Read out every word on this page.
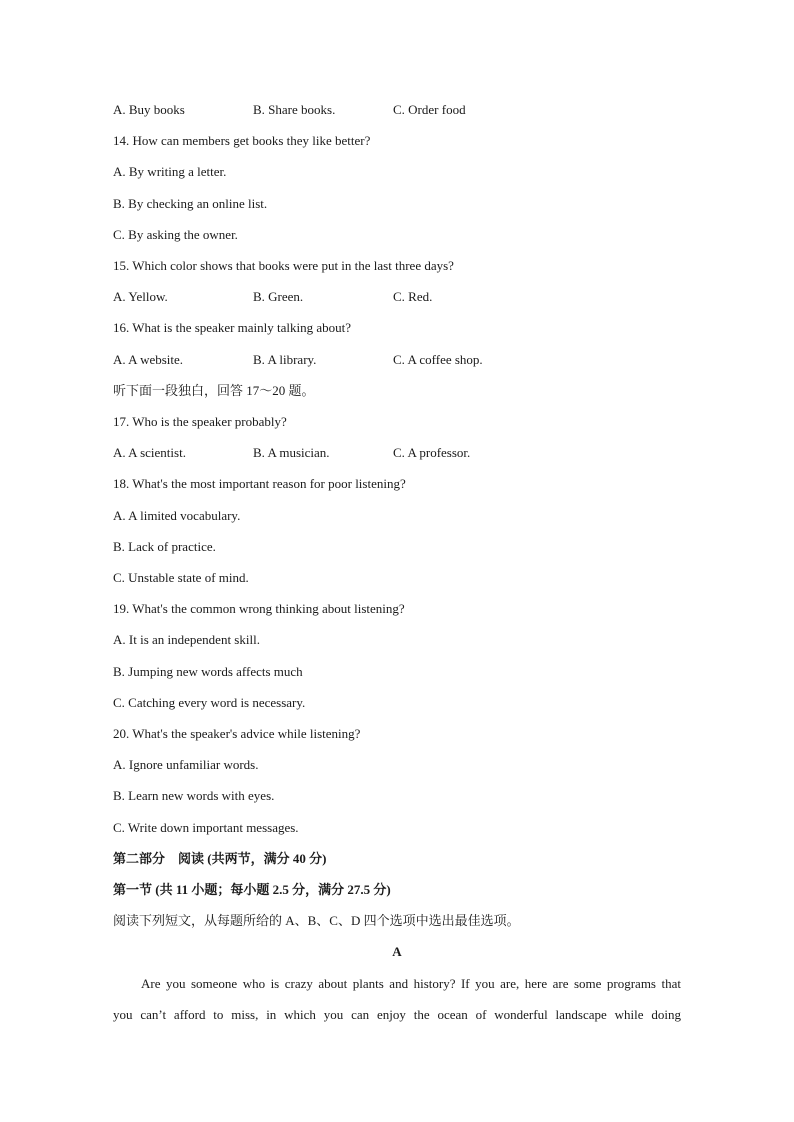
A. Buy books	B. Share books.	C. Order food
14. How can members get books they like better?
A. By writing a letter.
B. By checking an online list.
C. By asking the owner.
15. Which color shows that books were put in the last three days?
A. Yellow.	B. Green.	C. Red.
16. What is the speaker mainly talking about?
A. A website.	B. A library.	C. A coffee shop.
听下面一段独白，回答 17～20 题。
17. Who is the speaker probably?
A. A scientist.	B. A musician.	C. A professor.
18. What's the most important reason for poor listening?
A. A limited vocabulary.
B. Lack of practice.
C. Unstable state of mind.
19. What's the common wrong thinking about listening?
A. It is an independent skill.
B. Jumping new words affects much
C. Catching every word is necessary.
20. What's the speaker's advice while listening?
A. Ignore unfamiliar words.
B. Learn new words with eyes.
C. Write down important messages.
第二部分　阅读 (共两节，满分 40 分)
第一节 (共 11 小题；每小题 2.5 分，满分 27.5 分)
阅读下列短文，从每题所给的 A、B、C、D 四个选项中选出最佳选项。
A
Are you someone who is crazy about plants and history? If you are, here are some programs that
you can’t afford to miss, in which you can enjoy the ocean of wonderful landscape while doing
